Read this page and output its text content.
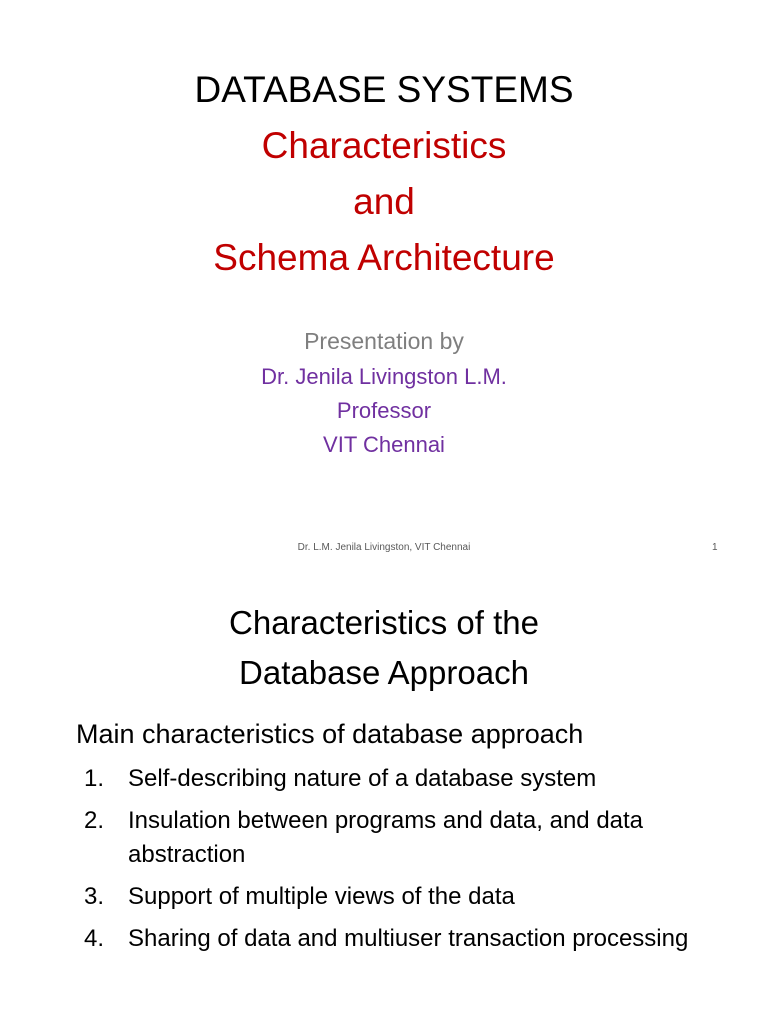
DATABASE SYSTEMS
Characteristics
and
Schema Architecture
Presentation by
Dr. Jenila Livingston L.M.
Professor
VIT Chennai
Dr. L.M. Jenila Livingston, VIT Chennai	1
Characteristics of the
Database Approach
Main characteristics of database approach
1. Self-describing nature of a database system
2. Insulation between programs and data, and data abstraction
3. Support of multiple views of the data
4. Sharing of data and multiuser transaction processing
